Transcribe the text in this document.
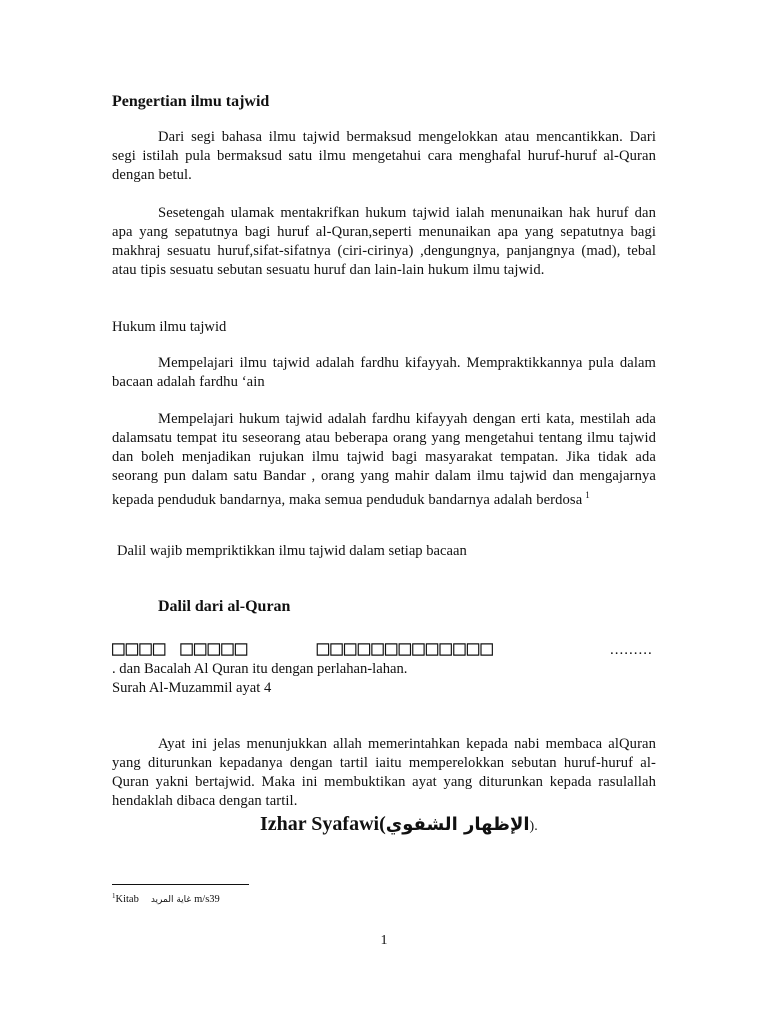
Pengertian ilmu tajwid
Dari segi bahasa ilmu tajwid bermaksud mengelokkan atau mencantikkan. Dari segi istilah pula bermaksud satu ilmu mengetahui cara menghafal huruf-huruf al-Quran dengan betul.
Sesetengah ulamak mentakrifkan hukum tajwid ialah menunaikan hak huruf dan apa yang sepatutnya bagi huruf al-Quran,seperti menunaikan apa yang sepatutnya bagi makhraj sesuatu huruf,sifat-sifatnya (ciri-cirinya) ,dengungnya, panjangnya (mad), tebal atau tipis sesuatu sebutan sesuatu huruf dan lain-lain hukum ilmu tajwid.
Hukum ilmu tajwid
Mempelajari ilmu tajwid adalah fardhu kifayyah. Mempraktikkannya pula dalam bacaan adalah fardhu ‘ain
Mempelajari hukum tajwid adalah fardhu kifayyah dengan erti kata, mestilah ada dalamsatu tempat itu seseorang atau beberapa orang yang mengetahui tentang ilmu tajwid dan boleh menjadikan rujukan ilmu tajwid bagi masyarakat tempatan. Jika tidak ada seorang pun dalam satu Bandar , orang yang mahir dalam ilmu tajwid dan mengajarnya kepada penduduk bandarnya, maka semua penduduk bandarnya adalah berdosa $^1$
Dalil wajib mempriktikkan ilmu tajwid dalam setiap bacaan
Dalil dari al-Quran
□□□□ □□□□□     □□□□□□□□□□□□□	.........
. dan Bacalah Al Quran itu dengan perlahan-lahan.
Surah Al-Muzammil ayat 4
Ayat ini jelas menunjukkan allah memerintahkan kepada nabi membaca alQuran yang diturunkan kepadanya dengan tartil iaitu memperelokkan sebutan huruf-huruf al-Quran yakni bertajwid. Maka ini membuktikan ayat yang diturunkan kepada rasulallah hendaklah dibaca dengan tartil.
Izhar Syafawi(الإظهار الشفوي).
$^1$Kitab غاية المريد m/s39
1
